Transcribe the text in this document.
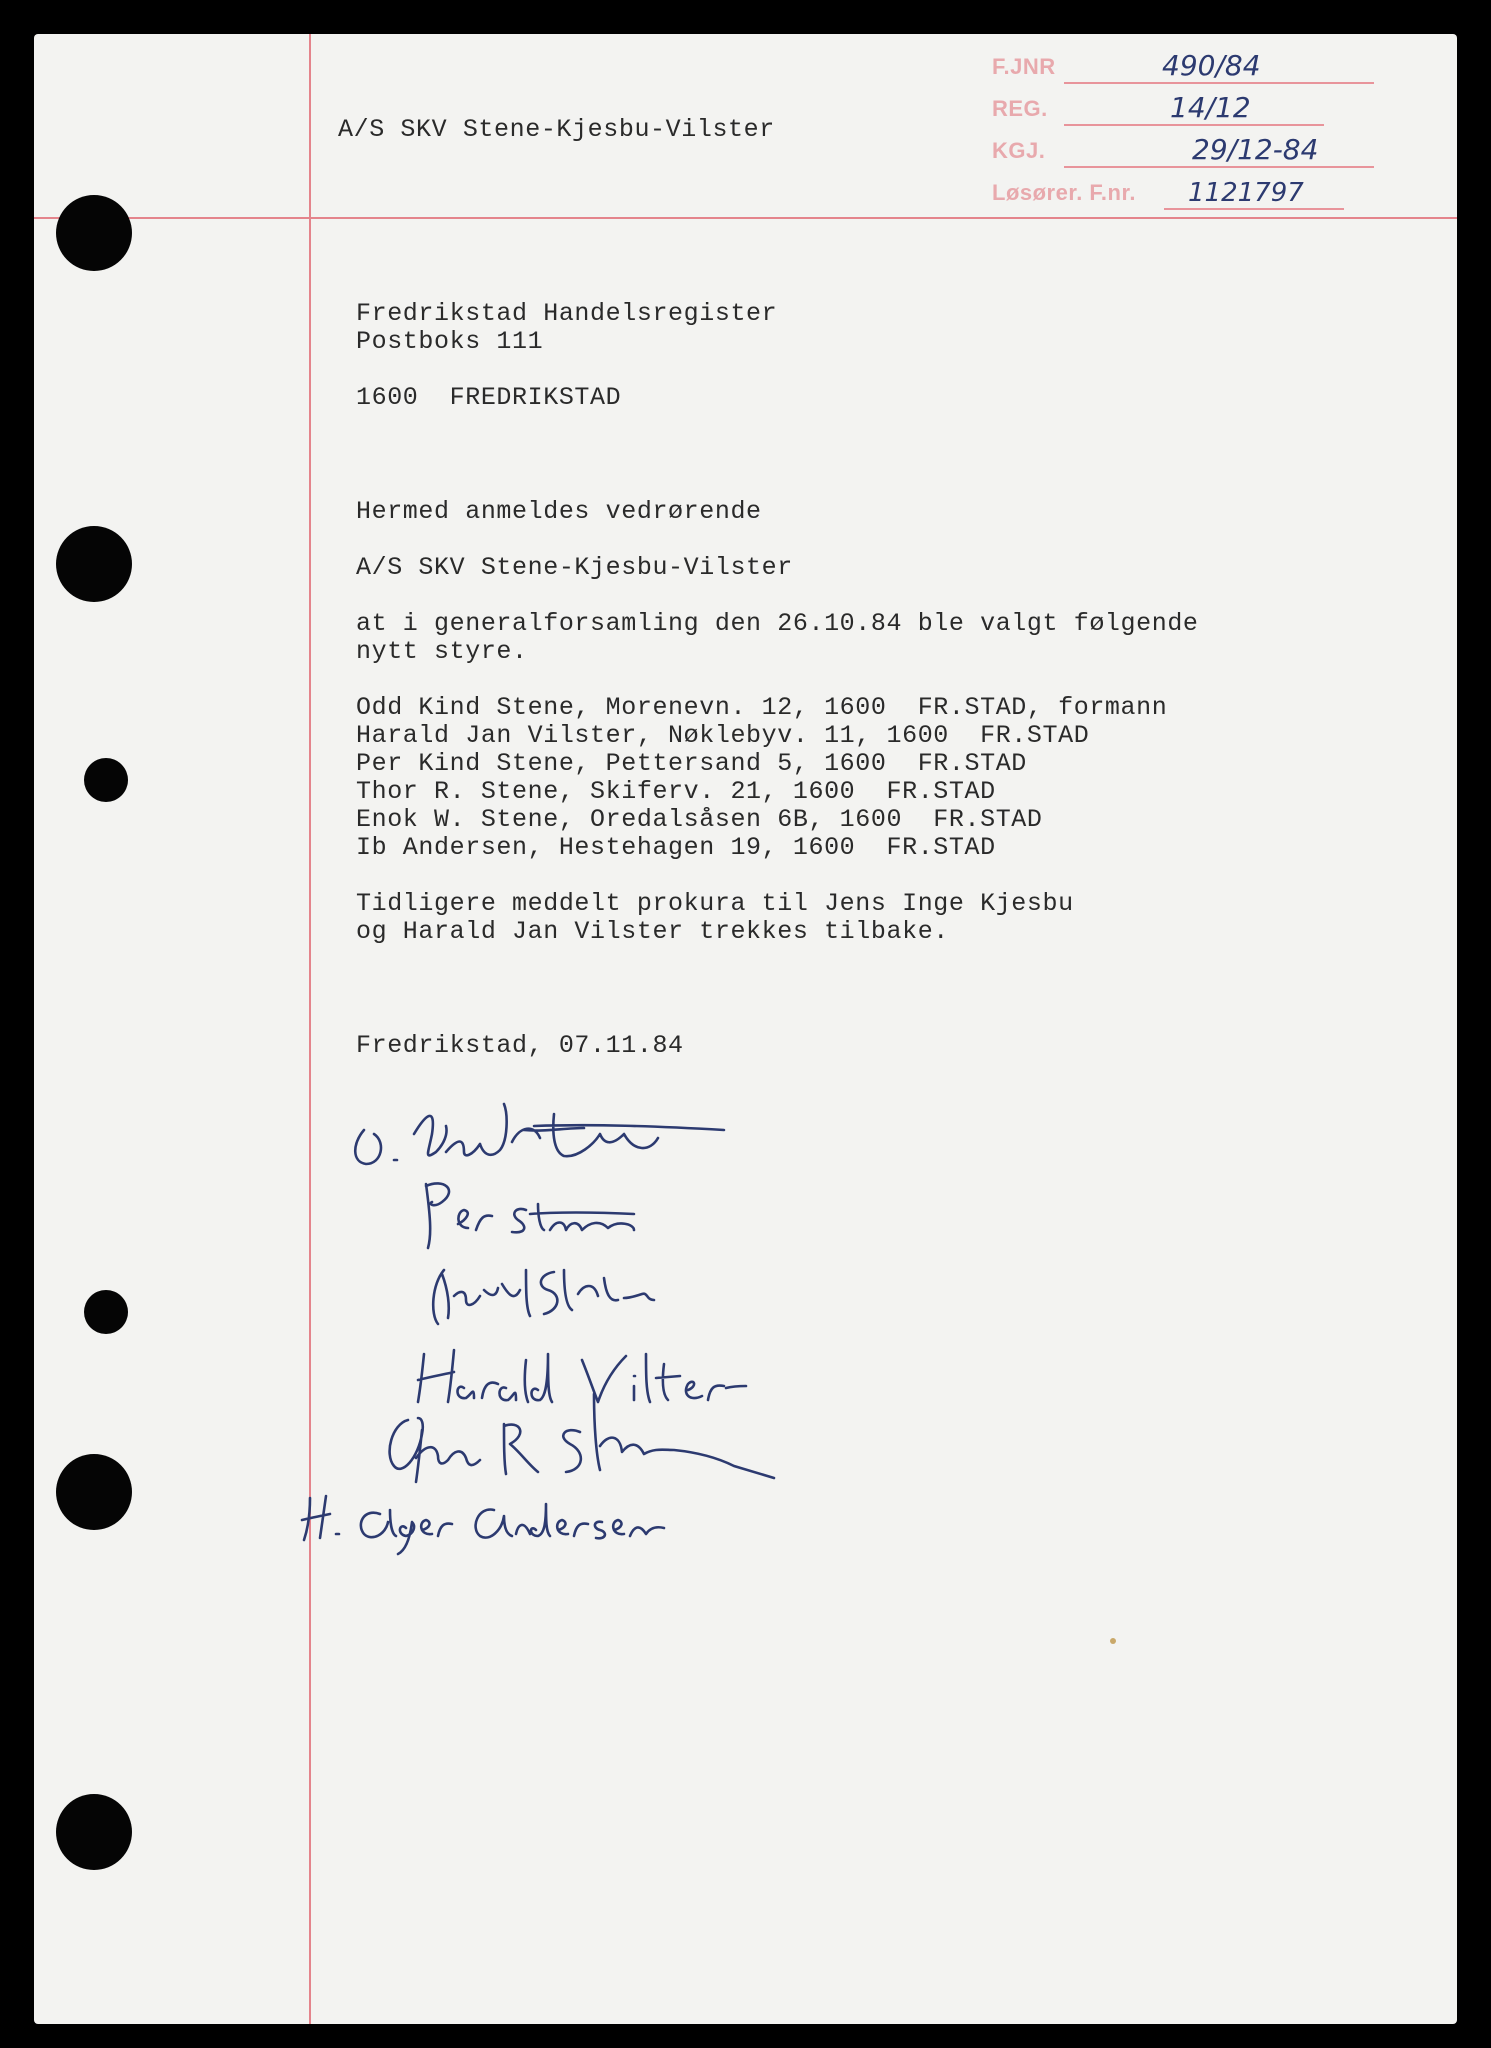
A/S SKV Stene-Kjesbu-Vilster
F.JNR	490/84
REG.	14/12
KGJ.	29/12-84
Løsører. F.nr. 1121797
Fredrikstad Handelsregister
Postboks 111
1600  FREDRIKSTAD
Hermed anmeldes vedrørende
A/S SKV Stene-Kjesbu-Vilster
at i generalforsamling den 26.10.84 ble valgt følgende
nytt styre.
Odd Kind Stene, Morenevn. 12, 1600  FR.STAD, formann
Harald Jan Vilster, Nøklebyv. 11, 1600  FR.STAD
Per Kind Stene, Pettersand 5, 1600  FR.STAD
Thor R. Stene, Skiferv. 21, 1600  FR.STAD
Enok W. Stene, Oredalsåsen 6B, 1600  FR.STAD
Ib Andersen, Hestehagen 19, 1600  FR.STAD
Tidligere meddelt prokura til Jens Inge Kjesbu
og Harald Jan Vilster trekkes tilbake.
Fredrikstad, 07.11.84
